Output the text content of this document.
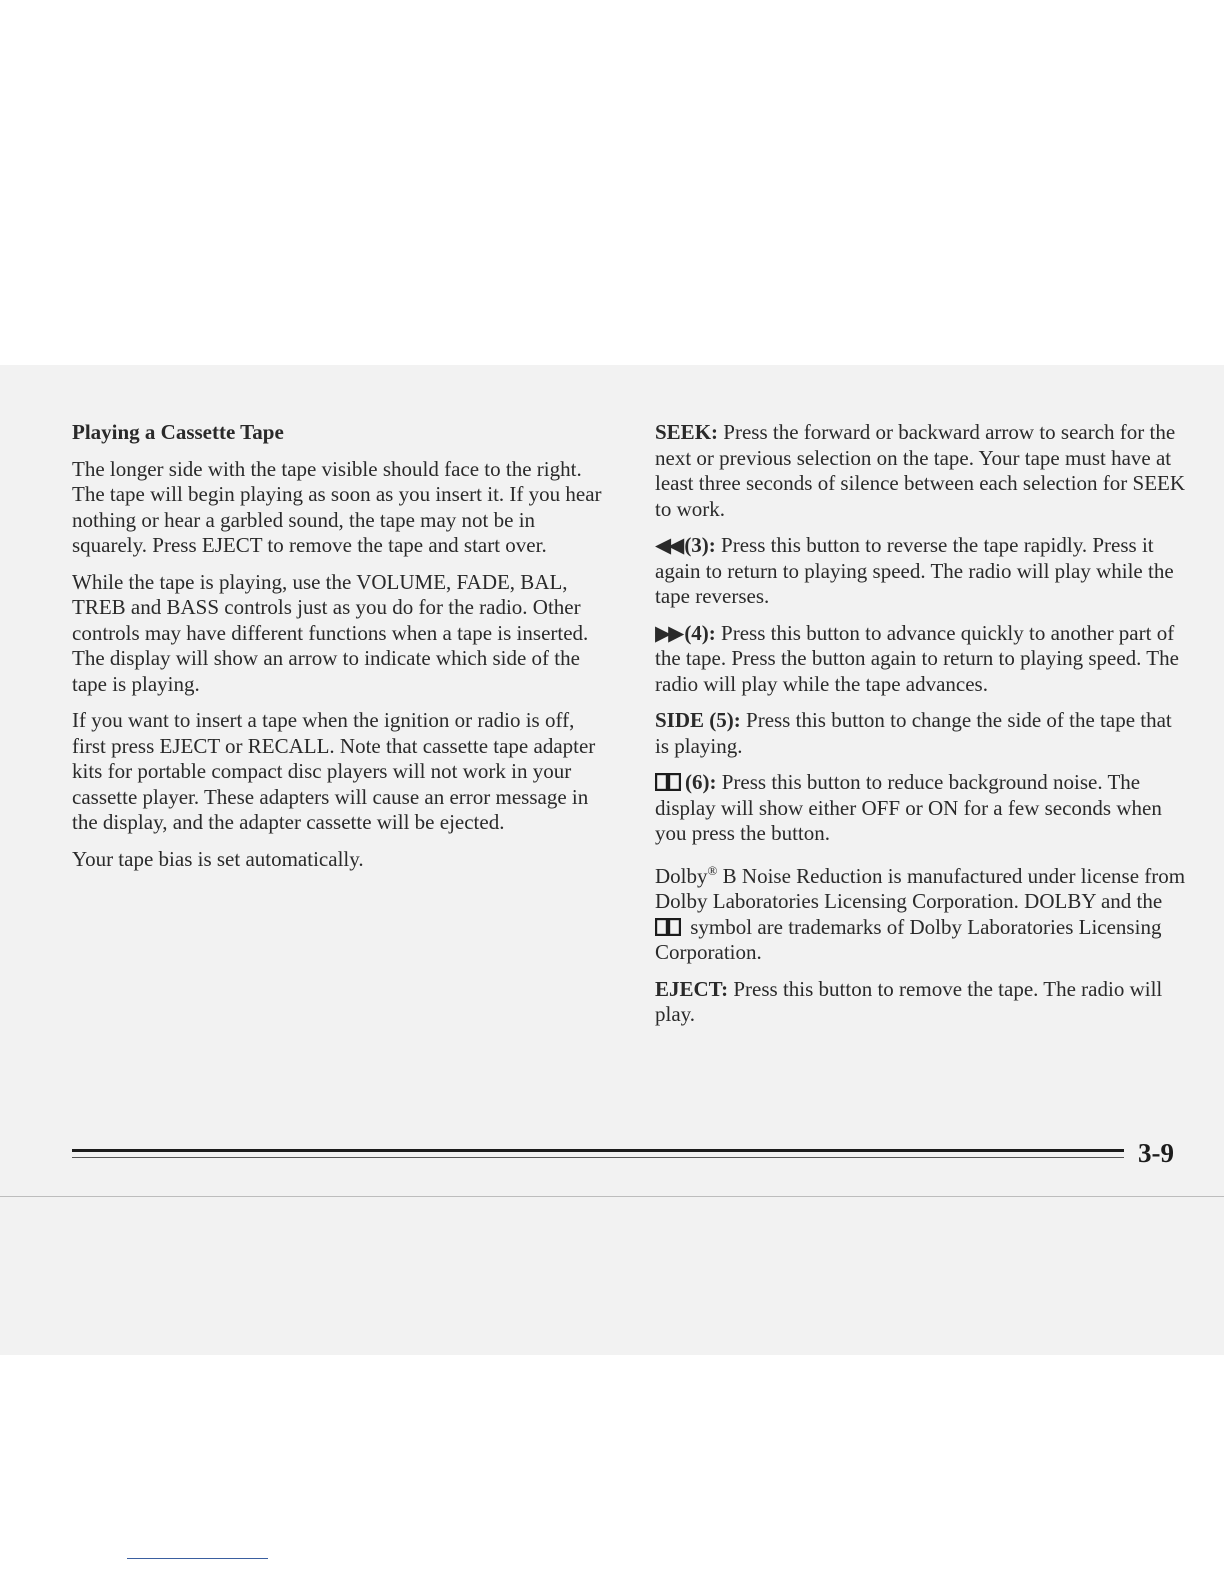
Playing a Cassette Tape

The longer side with the tape visible should face to the right. The tape will begin playing as soon as you insert it. If you hear nothing or hear a garbled sound, the tape may not be in squarely. Press EJECT to remove the tape and start over.

While the tape is playing, use the VOLUME, FADE, BAL, TREB and BASS controls just as you do for the radio. Other controls may have different functions when a tape is inserted. The display will show an arrow to indicate which side of the tape is playing.

If you want to insert a tape when the ignition or radio is off, first press EJECT or RECALL. Note that cassette tape adapter kits for portable compact disc players will not work in your cassette player. These adapters will cause an error message in the display, and the adapter cassette will be ejected.

Your tape bias is set automatically.

SEEK: Press the forward or backward arrow to search for the next or previous selection on the tape. Your tape must have at least three seconds of silence between each selection for SEEK to work.

◀◀ (3): Press this button to reverse the tape rapidly. Press it again to return to playing speed. The radio will play while the tape reverses.

▶▶ (4): Press this button to advance quickly to another part of the tape. Press the button again to return to playing speed. The radio will play while the tape advances.

SIDE (5): Press this button to change the side of the tape that is playing.

(6): Press this button to reduce background noise. The display will show either OFF or ON for a few seconds when you press the button.

Dolby® B Noise Reduction is manufactured under license from Dolby Laboratories Licensing Corporation. DOLBY and the
symbol are trademarks of Dolby Laboratories Licensing Corporation.

EJECT: Press this button to remove the tape. The radio will play.

3-9
